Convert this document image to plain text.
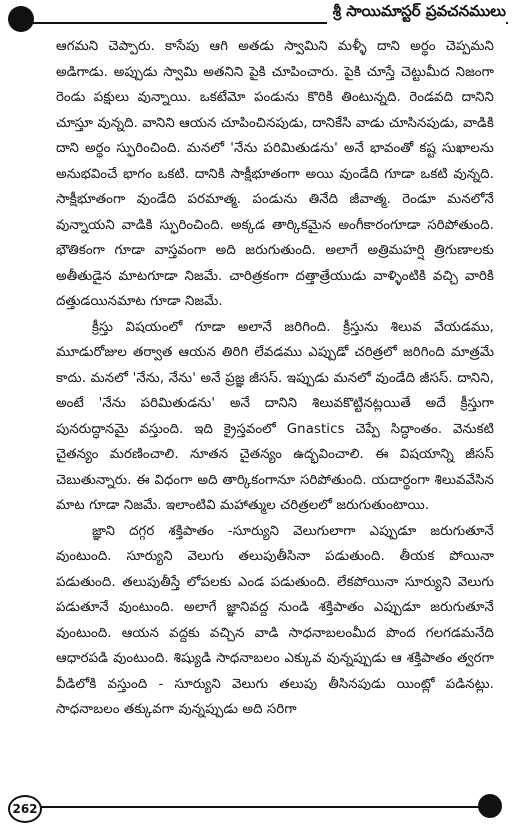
శ్రీ సాయిమాస్టర్ ప్రవచనములు

ఆగమని చెప్పారు. కాసేపు ఆగి అతడు స్వామిని మళ్ళీ దాని అర్థం చెప్పమని అడిగాడు. అప్పుడు స్వామి అతనిని పైకి చూపించారు. పైకి చూస్తే చెట్టుమీద నిజంగా రెండు పక్షులు వున్నాయి. ఒకటేమో పండును కొరికి తింటున్నది. రెండవది దానిని చూస్తూ వున్నది. వానిని ఆయన చూపించినపుడు, దానికేసి వాడు చూసినపుడు, వాడికి దాని అర్థం స్ఫురించింది. మనలో 'నేను పరిమితుడను' అనే భావంతో కష్ట సుఖాలను అనుభవించే భాగం ఒకటి. దానికి సాక్షీభూతంగా అయి వుండేది గూడా ఒకటి వున్నది. సాక్షీభూతంగా వుండేది పరమాత్మ. పండును తినేది జీవాత్మ. రెండూ మనలోనే వున్నాయని వాడికి స్ఫురించింది. అక్కడ తార్కికమైన అంగీకారంగూడా సరిపోతుంది. భౌతికంగా గూడా వాస్తవంగా అది జరుగుతుంది. అలాగే అత్రిమహర్షి త్రిగుణాలకు అతీతుడైన మాటగూడా నిజమే. చారిత్రకంగా దత్తాత్రేయుడు వాళ్ళింటికి వచ్చి వారికి దత్తుడయినమాట గూడా నిజమే.

క్రీస్తు విషయంలో గూడా అలానే జరిగింది. క్రీస్తును శిలువ వేయడము, మూడురోజుల తర్వాత ఆయన తిరిగి లేవడము ఎప్పుడో చరిత్రలో జరిగింది మాత్రమే కాదు. మనలో 'నేను, నేను' అనే ప్రజ్ఞ జీసస్. ఇప్పుడు మనలో వుండేది జీసస్. దానిని, అంటే 'నేను పరిమితుడను' అనే దానిని శిలువకొట్టినట్లయితే అదే క్రీస్తుగా పునరుద్ధానమై వస్తుంది. ఇది క్రైస్తవంలో Gnastics చెప్పే సిద్ధాంతం. వెనుకటి చైతన్యం మరణించాలి. నూతన చైతన్యం ఉద్భవించాలి. ఈ విషయాన్ని జీసస్ చెబుతున్నారు. ఈ విధంగా అది తార్కికంగానూ సరిపోతుంది. యదార్థంగా శిలువవేసిన మాట గూడా నిజమే. ఇలాంటివి మహాత్ముల చరిత్రలలో జరుగుతుంటాయి.

జ్ఞాని దగ్గర శక్తిపాతం -సూర్యుని వెలుగులాగా ఎప్పుడూ జరుగుతూనే వుంటుంది. సూర్యుని వెలుగు తలుపుతీసినా పడుతుంది. తీయక పోయినా పడుతుంది. తలుపుతీస్తే లోపలకు ఎండ పడుతుంది. లేకపోయినా సూర్యుని వెలుగు పడుతూనే వుంటుంది. అలాగే జ్ఞానివద్ద నుండి శక్తిపాతం ఎప్పుడూ జరుగుతూనే వుంటుంది. ఆయన వద్దకు వచ్చిన వాడి సాధనాబలంమీద పొంద గలగడమనేది ఆధారపడి వుంటుంది. శిష్యుడి సాధనాబలం ఎక్కువ వున్నప్పుడు ఆ శక్తిపాతం త్వరగా వీడిలోకి వస్తుంది - సూర్యుని వెలుగు తలుపు తీసినపుడు యింట్లో పడినట్లు. సాధనాబలం తక్కువగా వున్నప్పుడు అది సరిగా

262
